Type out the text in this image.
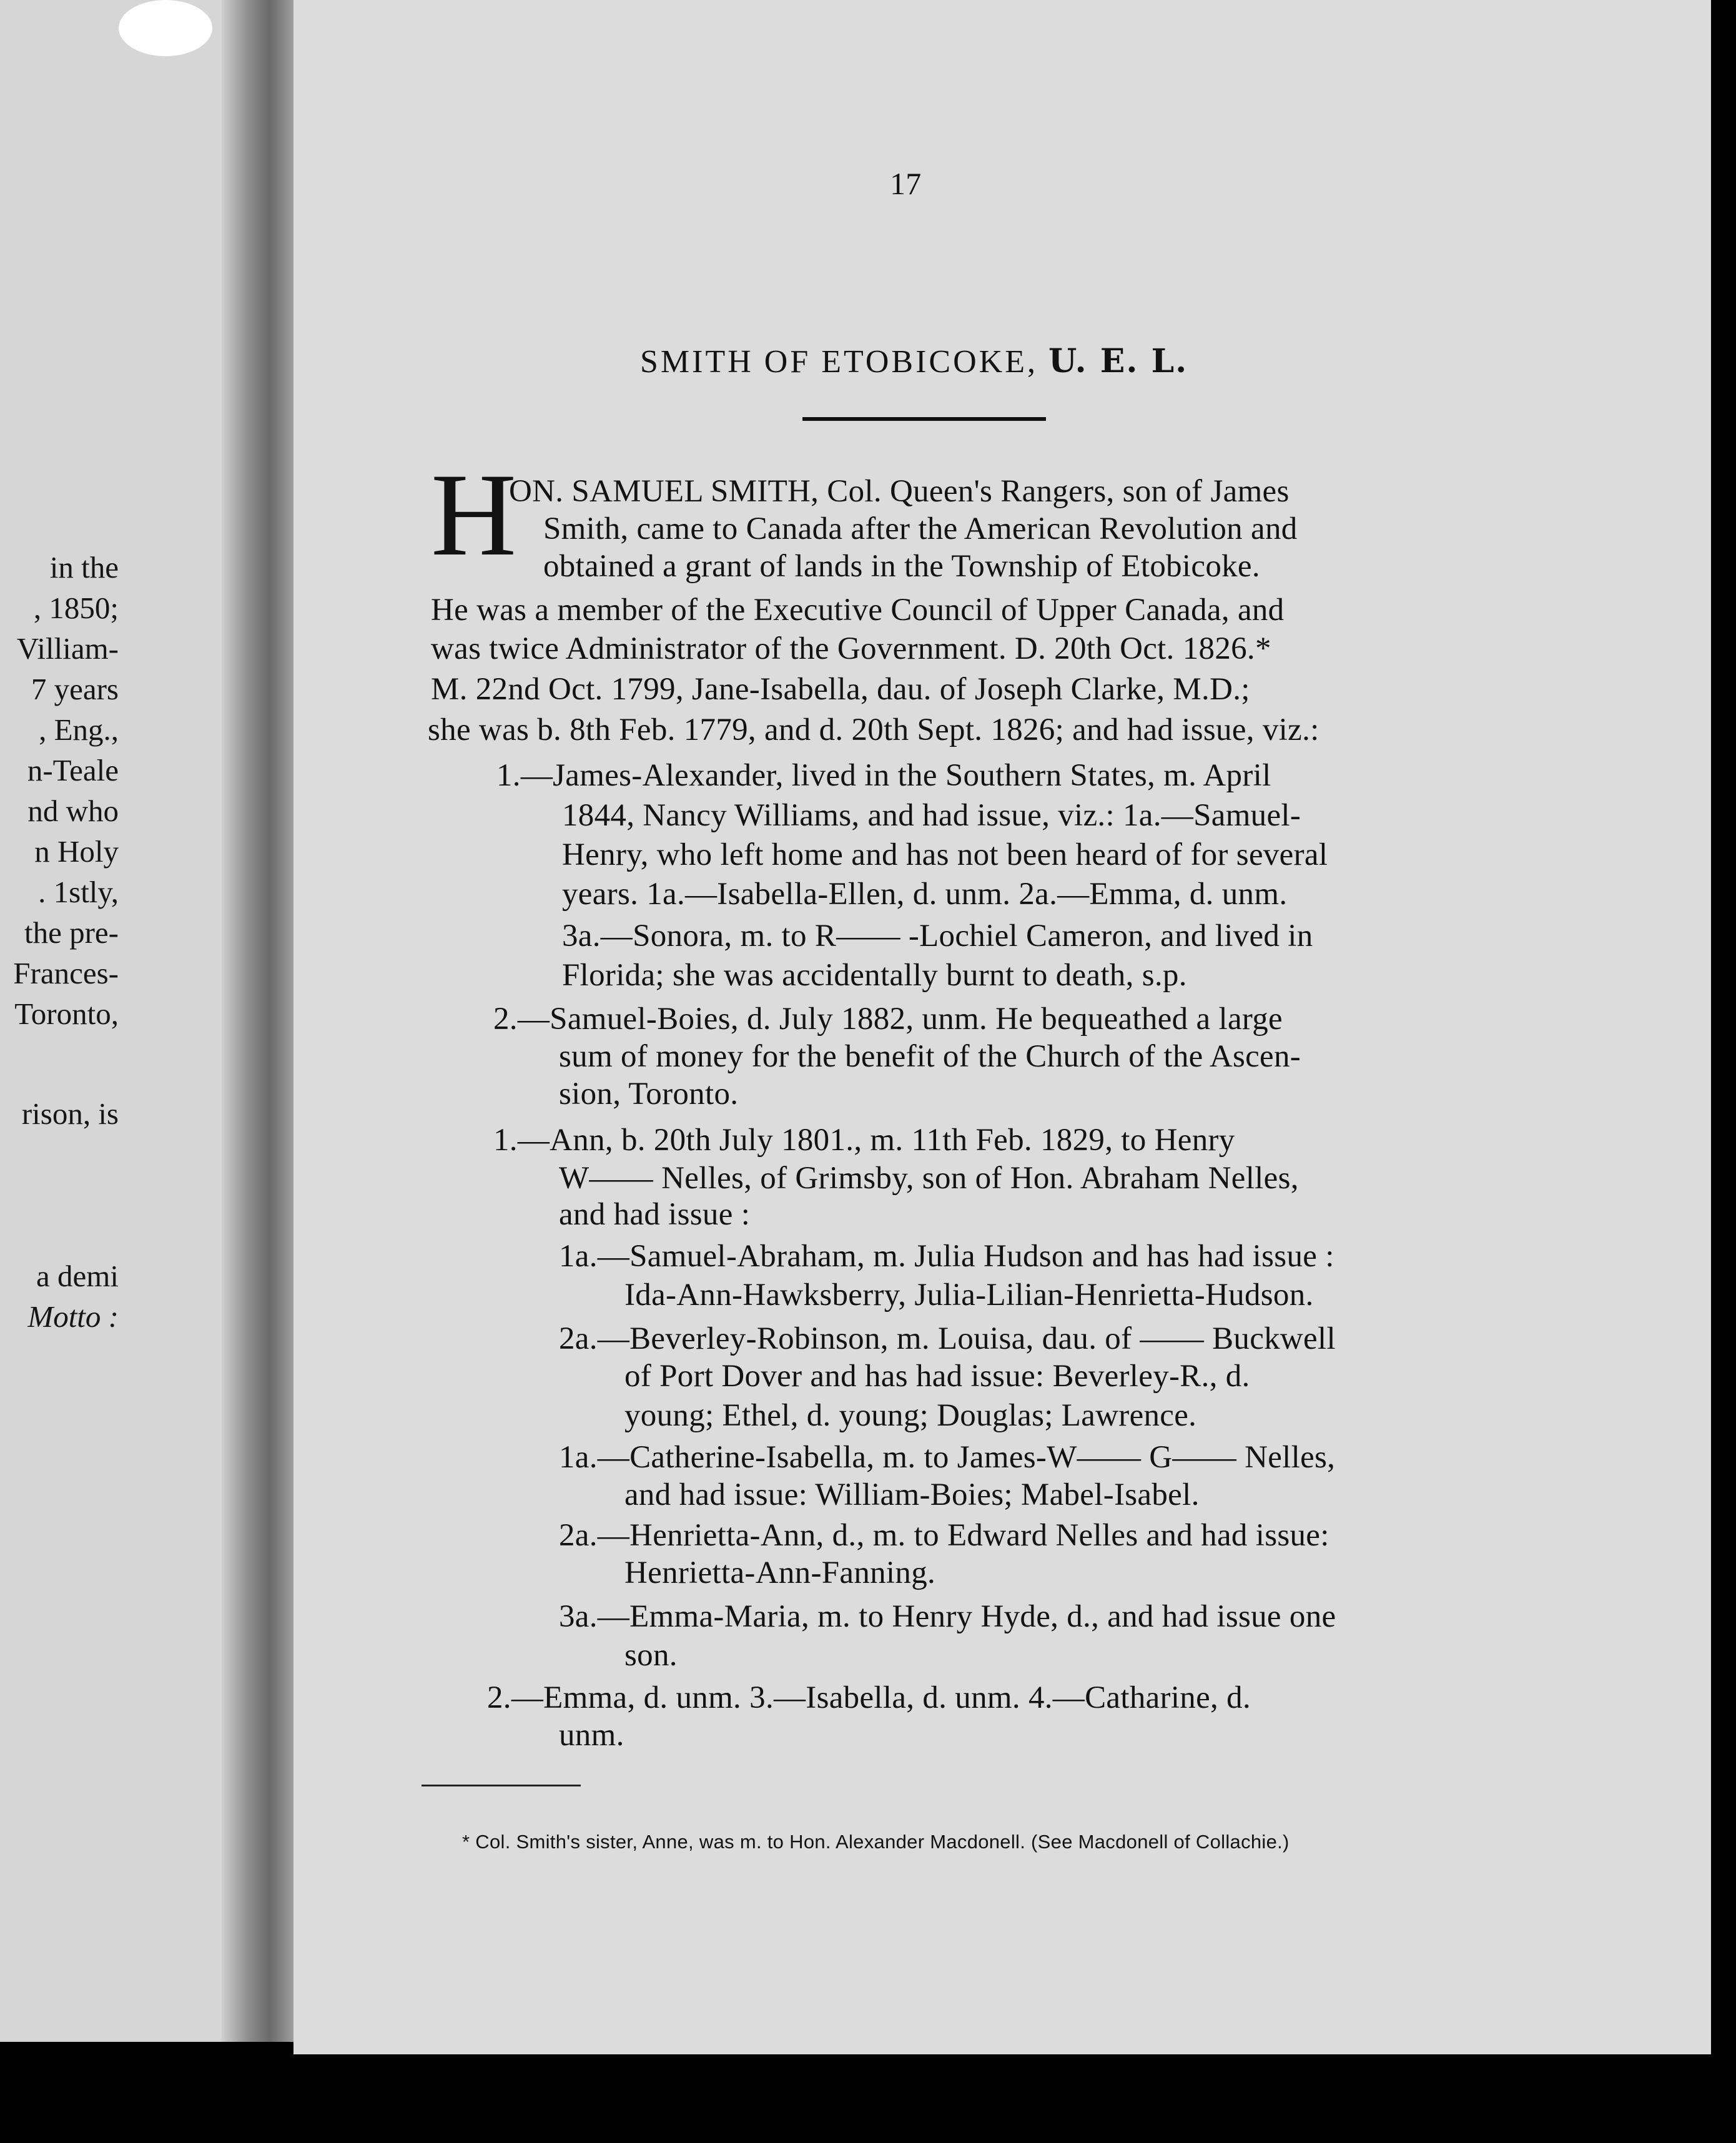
in the
, 1850;
Villiam-
7 years
, Eng.,
n-Teale
nd who
n Holy
. 1stly,
the pre-
Frances-
Toronto,
rison, is
a demi
Motto :
17
SMITH OF ETOBICOKE, U. E. L.
H
ON. SAMUEL SMITH, Col. Queen's Rangers, son of James
Smith, came to Canada after the American Revolution and
obtained a grant of lands in the Township of Etobicoke.
He was a member of the Executive Council of Upper Canada, and
was twice Administrator of the Government. D. 20th Oct. 1826.*
M. 22nd Oct. 1799, Jane-Isabella, dau. of Joseph Clarke, M.D.;
she was b. 8th Feb. 1779, and d. 20th Sept. 1826; and had issue, viz.:
1.—James-Alexander, lived in the Southern States, m. April
1844, Nancy Williams, and had issue, viz.: 1a.—Samuel-
Henry, who left home and has not been heard of for several
years. 1a.—Isabella-Ellen, d. unm. 2a.—Emma, d. unm.
3a.—Sonora, m. to R—— -Lochiel Cameron, and lived in
Florida; she was accidentally burnt to death, s.p.
2.—Samuel-Boies, d. July 1882, unm. He bequeathed a large
sum of money for the benefit of the Church of the Ascen-
sion, Toronto.
1.—Ann, b. 20th July 1801., m. 11th Feb. 1829, to Henry
W—— Nelles, of Grimsby, son of Hon. Abraham Nelles,
and had issue :
1a.—Samuel-Abraham, m. Julia Hudson and has had issue :
Ida-Ann-Hawksberry, Julia-Lilian-Henrietta-Hudson.
2a.—Beverley-Robinson, m. Louisa, dau. of —— Buckwell
of Port Dover and has had issue: Beverley-R., d.
young; Ethel, d. young; Douglas; Lawrence.
1a.—Catherine-Isabella, m. to James-W—— G—— Nelles,
and had issue: William-Boies; Mabel-Isabel.
2a.—Henrietta-Ann, d., m. to Edward Nelles and had issue:
Henrietta-Ann-Fanning.
3a.—Emma-Maria, m. to Henry Hyde, d., and had issue one
son.
2.—Emma, d. unm. 3.—Isabella, d. unm. 4.—Catharine, d.
unm.
* Col. Smith's sister, Anne, was m. to Hon. Alexander Macdonell. (See Macdonell of Collachie.)
